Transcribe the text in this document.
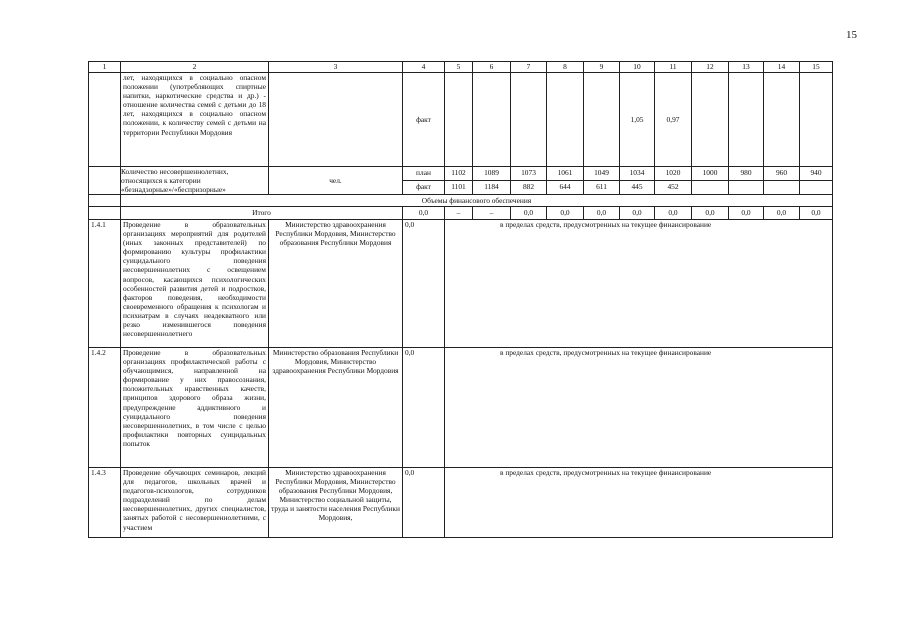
15
1	2	3	4	5	6	7	8	9	10	11	12	13	14	15
	лет, находящихся в социально опасном положении (употребляющих спиртные напитки, наркотические средства и др.) - отношение количества семей с детьми до 18 лет, находящихся в социально опасном положении, к количеству семей с детьми на территории Республики Мордовия		факт						1,05	0,97				
	Количество несовершеннолетних, относящихся к категории «безнадзорные»/«беспризорные»	чел.	план	1102	1089	1073	1061	1049	1034	1020	1000	980	960	940
			факт	1101	1184	882	644	611	445	452				
	Объемы финансового обеспечения													
	Итого		0,0	–	–	0,0	0,0	0,0	0,0	0,0	0,0	0,0	0,0	0,0
1.4.1	Проведение в образовательных организациях мероприятий для родителей (иных законных представителей) по формированию культуры профилактики суицидального поведения несовершеннолетних с освещением вопросов, касающихся психологических особенностей развития детей и подростков, факторов поведения, необходимости своевременного обращения к психологам и психиатрам в случаях неадекватного или резко изменившегося поведения несовершеннолетнего	Министерство здравоохранения Республики Мордовия, Министерство образования Республики Мордовия	0,0	в пределах средств, предусмотренных на текущее финансирование										
1.4.2	Проведение в образовательных организациях профилактической работы с обучающимися, направленной на формирование у них правосознания, положительных нравственных качеств, принципов здорового образа жизни, предупреждение аддиктивного и суицидального поведения несовершеннолетних, в том числе с целью профилактики повторных суицидальных попыток	Министерство образования Республики Мордовия, Министерство здравоохранения Республики Мордовия	0,0	в пределах средств, предусмотренных на текущее финансирование										
1.4.3	Проведение обучающих семинаров, лекций для педагогов, школьных врачей и педагогов-психологов, сотрудников подразделений по делам несовершеннолетних, других специалистов, занятых работой с несовершеннолетними, с участием	Министерство здравоохранения Республики Мордовия, Министерство образования Республики Мордовия, Министерство социальной защиты, труда и занятости населения Республики Мордовия,	0,0	в пределах средств, предусмотренных на текущее финансирование										
